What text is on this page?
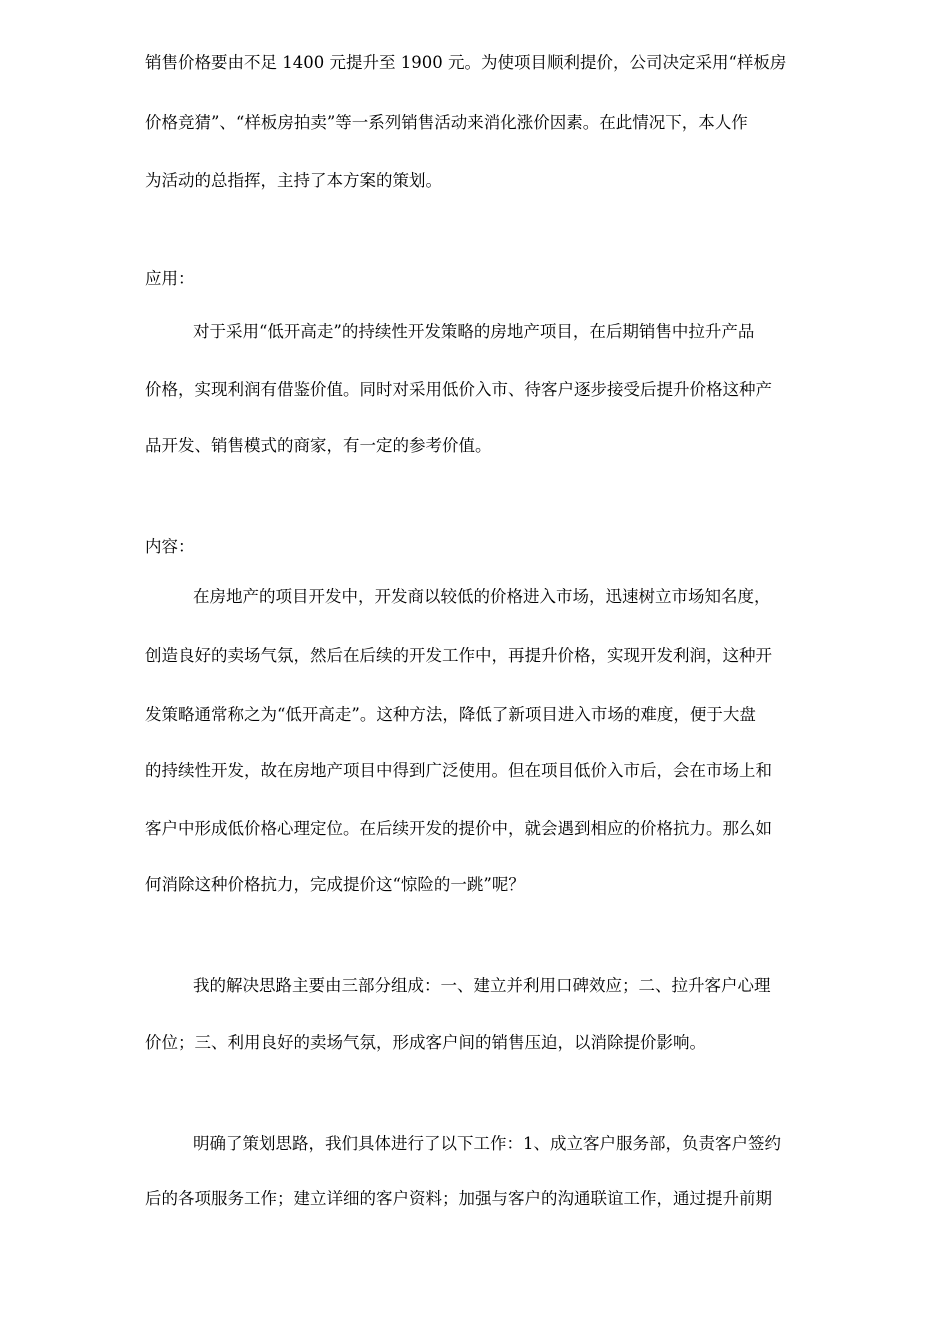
销售价格要由不足 1400 元提升至 1900 元。为使项目顺利提价，公司决定采用“样板房
价格竞猜”、“样板房拍卖”等一系列销售活动来消化涨价因素。在此情况下，本人作
为活动的总指挥，主持了本方案的策划。
应用：
对于采用“低开高走”的持续性开发策略的房地产项目，在后期销售中拉升产品
价格，实现利润有借鉴价值。同时对采用低价入市、待客户逐步接受后提升价格这种产
品开发、销售模式的商家，有一定的参考价值。
内容：
在房地产的项目开发中，开发商以较低的价格进入市场，迅速树立市场知名度，
创造良好的卖场气氛，然后在后续的开发工作中，再提升价格，实现开发利润，这种开
发策略通常称之为“低开高走”。这种方法，降低了新项目进入市场的难度，便于大盘
的持续性开发，故在房地产项目中得到广泛使用。但在项目低价入市后，会在市场上和
客户中形成低价格心理定位。在后续开发的提价中，就会遇到相应的价格抗力。那么如
何消除这种价格抗力，完成提价这“惊险的一跳”呢？
我的解决思路主要由三部分组成：一、建立并利用口碑效应；二、拉升客户心理
价位；三、利用良好的卖场气氛，形成客户间的销售压迫，以消除提价影响。
明确了策划思路，我们具体进行了以下工作：1、成立客户服务部，负责客户签约
后的各项服务工作；建立详细的客户资料；加强与客户的沟通联谊工作，通过提升前期
